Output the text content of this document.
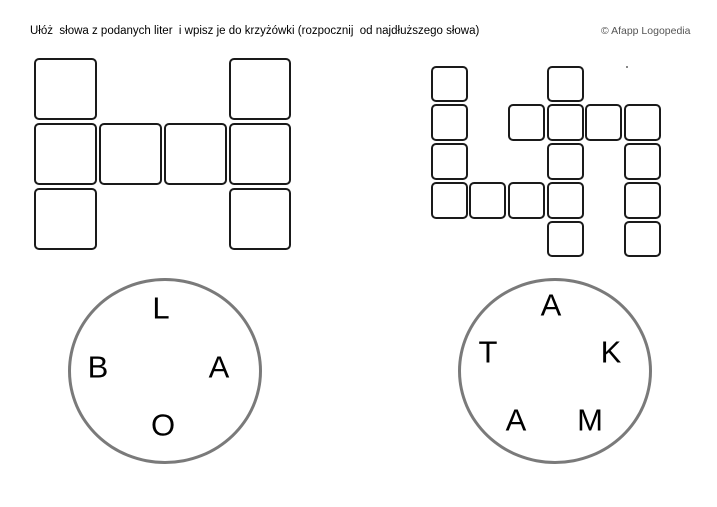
Ułóż  słowa z podanych liter  i wpisz je do krzyżówki (rozpocznij  od najdłuższego słowa)	© Afapp Logopedia
L
B	A
O
A
T	K
A M
